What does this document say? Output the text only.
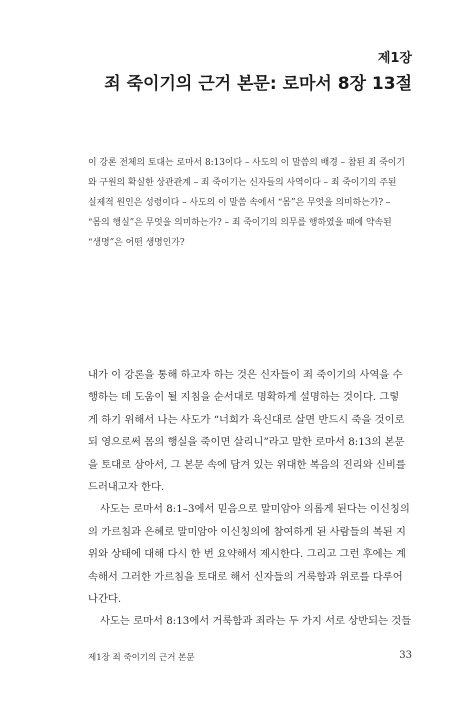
제1장
죄 죽이기의 근거 본문: 로마서 8장 13절
이 강론 전체의 토대는 로마서 8:13이다 – 사도의 이 말씀의 배경 – 참된 죄 죽이기
와 구원의 확실한 상관관계 – 죄 죽이기는 신자들의 사역이다 – 죄 죽이기의 주된
실제적 원인은 성령이다 – 사도의 이 말씀 속에서 “몸”은 무엇을 의미하는가? –
“몸의 행실”은 무엇을 의미하는가? – 죄 죽이기의 의무를 행하였을 때에 약속된
“생명”은 어떤 생명인가?
내가 이 강론을 통해 하고자 하는 것은 신자들이 죄 죽이기의 사역을 수
행하는 데 도움이 될 지침을 순서대로 명확하게 설명하는 것이다. 그렇
게 하기 위해서 나는 사도가 “너희가 육신대로 살면 반드시 죽을 것이로
되 영으로써 몸의 행실을 죽이면 살리니”라고 말한 로마서 8:13의 본문
을 토대로 삼아서, 그 본문 속에 담겨 있는 위대한 복음의 진리와 신비를
드러내고자 한다.
사도는 로마서 8:1–3에서 믿음으로 말미암아 의롭게 된다는 이신칭의
의 가르침과 은혜로 말미암아 이신칭의에 참여하게 된 사람들의 복된 지
위와 상태에 대해 다시 한 번 요약해서 제시한다. 그리고 그런 후에는 계
속해서 그러한 가르침을 토대로 해서 신자들의 거룩함과 위로를 다루어
나간다.
사도는 로마서 8:13에서 거룩함과 죄라는 두 가지 서로 상반되는 것들
제1장 죄 죽이기의 근거 본문	33
